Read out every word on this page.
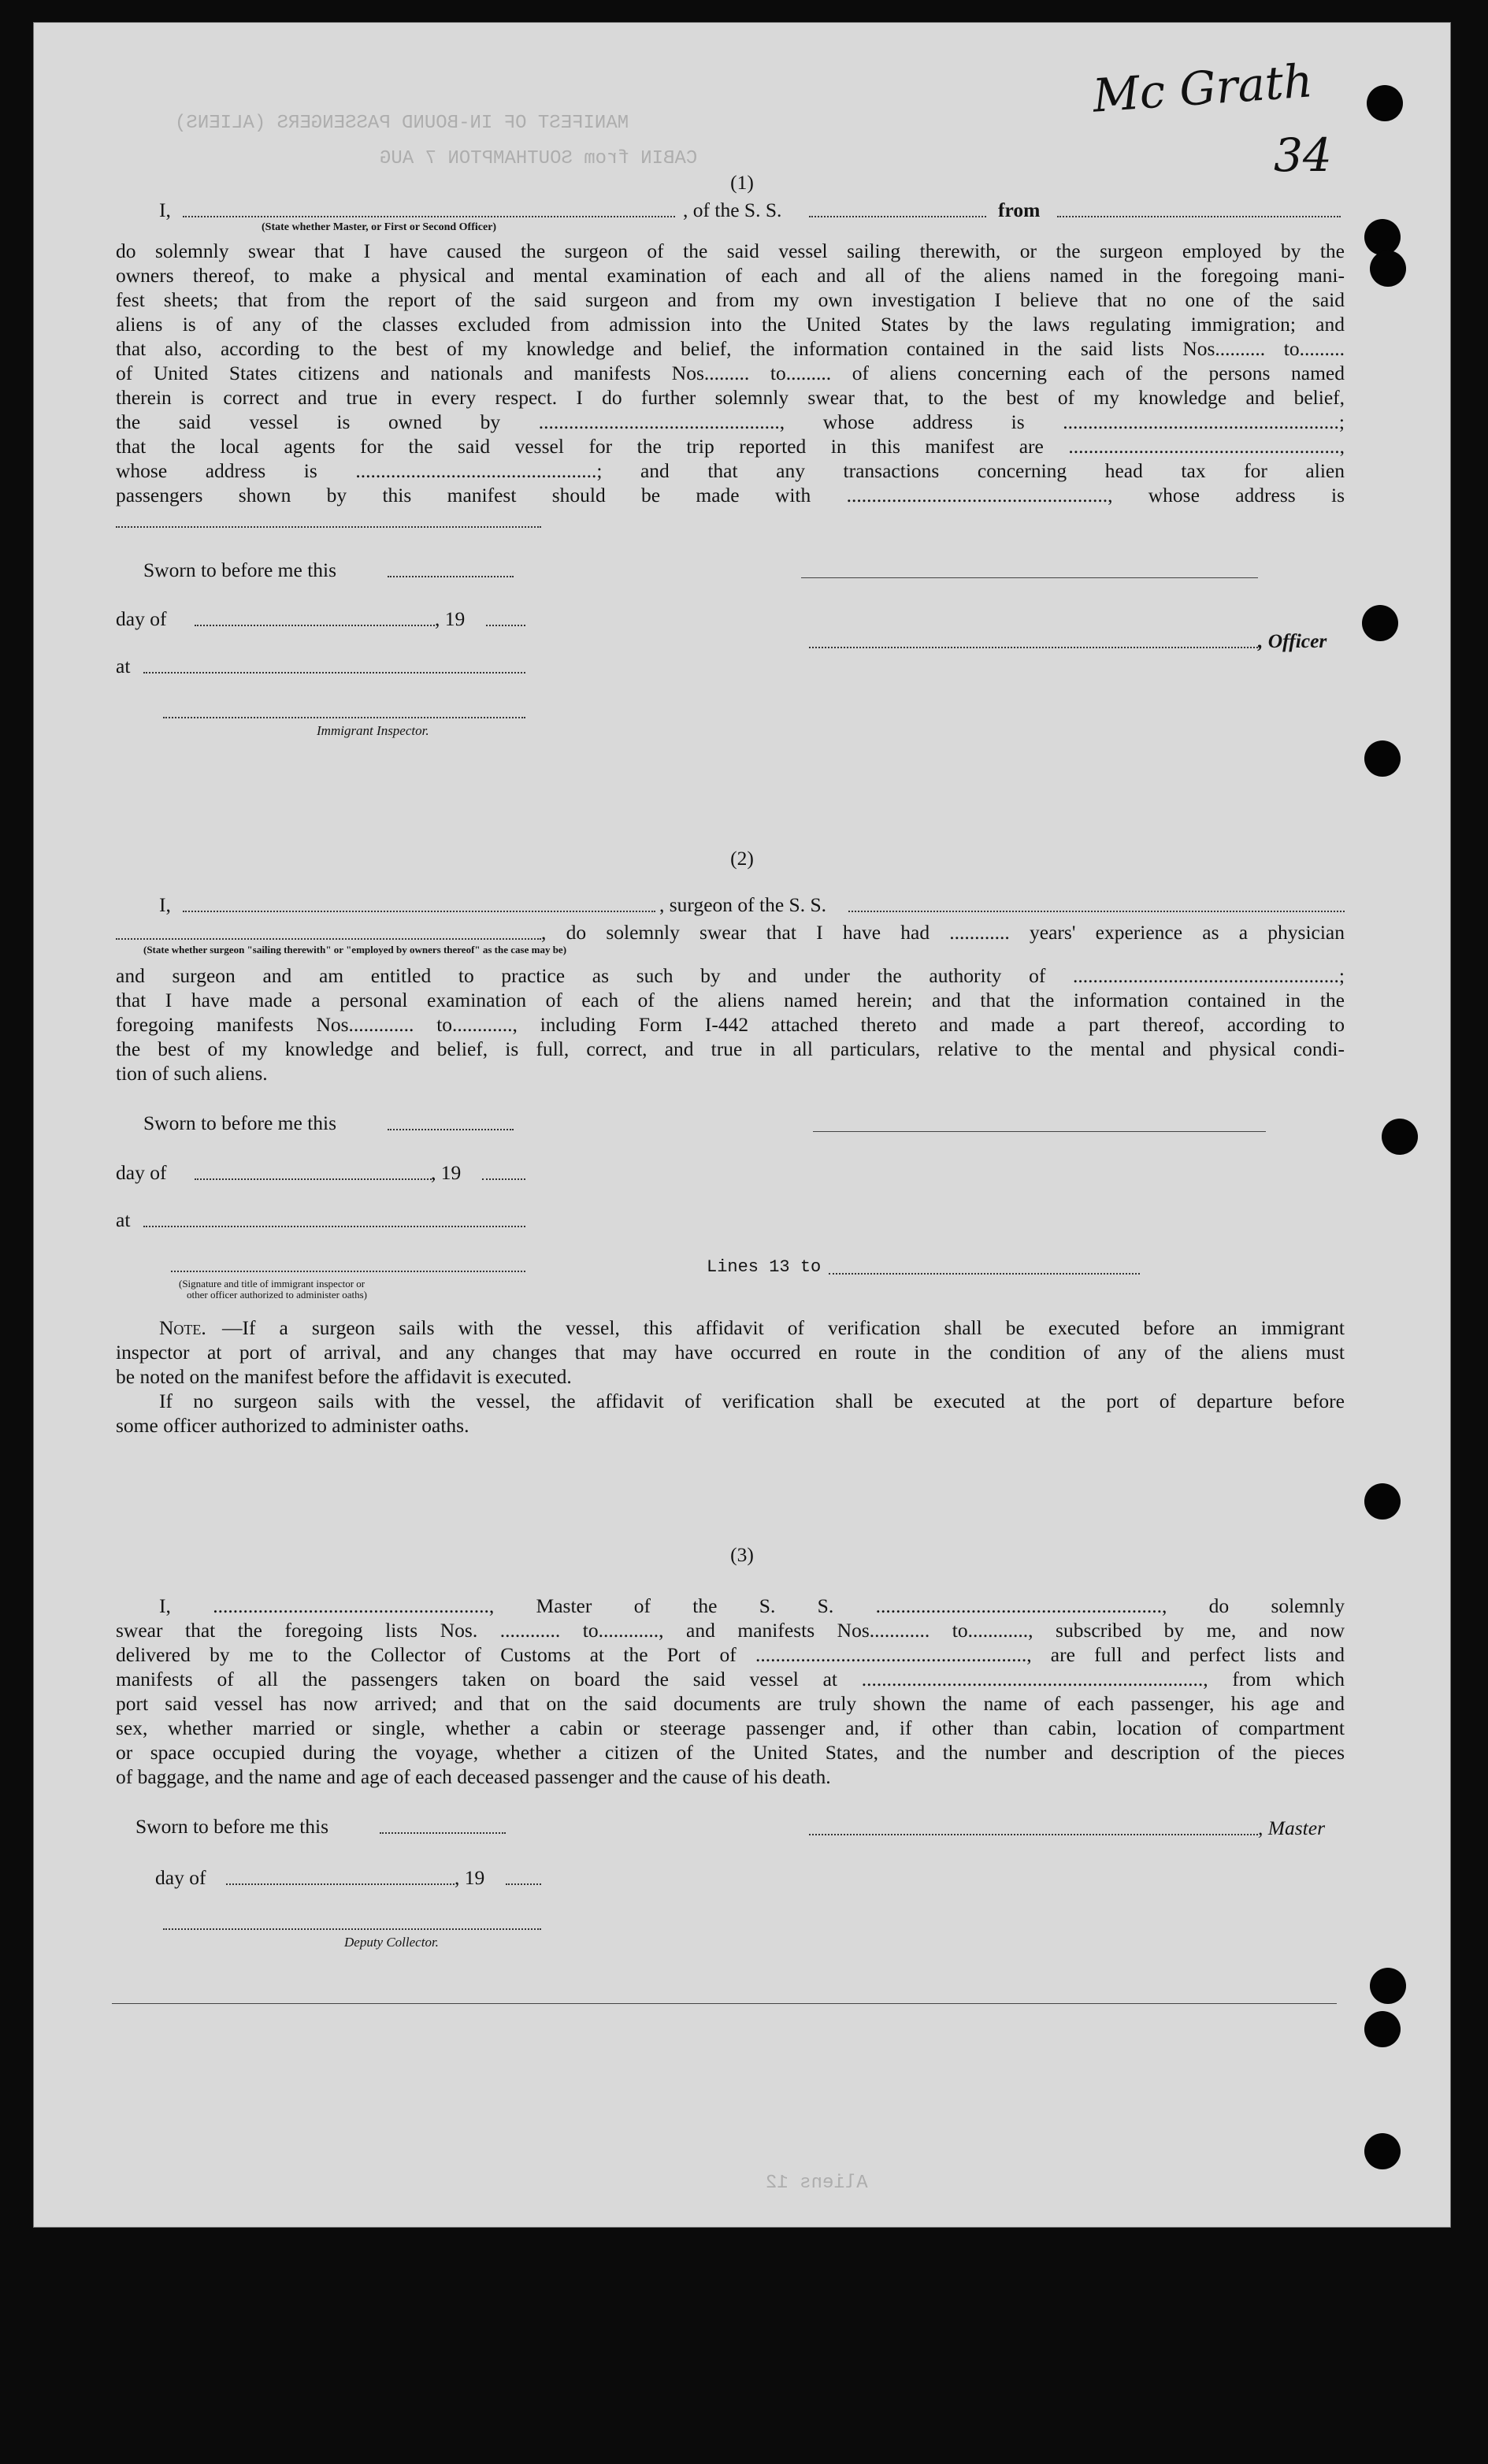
MANIFEST OF IN-BOUND PASSENGERS (ALIENS)
CABIN from SOUTHAMPTON 7 AUG
Aliens 12
Mc Grath
34
(1)
I,	, of the S. S.	from
(State whether Master, or First or Second Officer)
do solemnly swear that I have caused the surgeon of the said vessel sailing therewith, or the surgeon employed by the
owners thereof, to make a physical and mental examination of each and all of the aliens named in the foregoing mani-
fest sheets; that from the report of the said surgeon and from my own investigation I believe that no one of the said
aliens is of any of the classes excluded from admission into the United States by the laws regulating immigration; and
that also, according to the best of my knowledge and belief, the information contained in the said lists Nos.......... to.........
of United States citizens and nationals and manifests Nos......... to......... of aliens concerning each of the persons named
therein is correct and true in every respect. I do further solemnly swear that, to the best of my knowledge and belief,
the said vessel is owned by ................................................, whose address is .......................................................;
that the local agents for the said vessel for the trip reported in this manifest are ......................................................,
whose address is ................................................; and that any transactions concerning head tax for alien
passengers shown by this manifest should be made with ...................................................., whose address is
Sworn to before me this
day of	, 19
, Officer
at
Immigrant Inspector.
(2)
I,	, surgeon of the S. S.
, do solemnly swear that I have had ............ years' experience as a physician
(State whether surgeon "sailing therewith" or "employed by owners thereof" as the case may be)
and surgeon and am entitled to practice as such by and under the authority of .....................................................;
that I have made a personal examination of each of the aliens named herein; and that the information contained in the
foregoing manifests Nos............. to............, including Form I-442 attached thereto and made a part thereof, according to
the best of my knowledge and belief, is full, correct, and true in all particulars, relative to the mental and physical condi-
tion of such aliens.
Sworn to before me this
day of	, 19
at
Lines 13 to
(Signature and title of immigrant inspector or
other officer authorized to administer oaths)
Note. —If a surgeon sails with the vessel, this affidavit of verification shall be executed before an immigrant
inspector at port of arrival, and any changes that may have occurred en route in the condition of any of the aliens must
be noted on the manifest before the affidavit is executed.
If no surgeon sails with the vessel, the affidavit of verification shall be executed at the port of departure before
some officer authorized to administer oaths.
(3)
I, ......................................................., Master of the S. S. ........................................................., do solemnly
swear that the foregoing lists Nos. ............ to............, and manifests Nos............ to............, subscribed by me, and now
delivered by me to the Collector of Customs at the Port of ......................................................, are full and perfect lists and
manifests of all the passengers taken on board the said vessel at ...................................................................., from which
port said vessel has now arrived; and that on the said documents are truly shown the name of each passenger, his age and
sex, whether married or single, whether a cabin or steerage passenger and, if other than cabin, location of compartment
or space occupied during the voyage, whether a citizen of the United States, and the number and description of the pieces
of baggage, and the name and age of each deceased passenger and the cause of his death.
Sworn to before me this	, Master
day of	, 19
Deputy Collector.
